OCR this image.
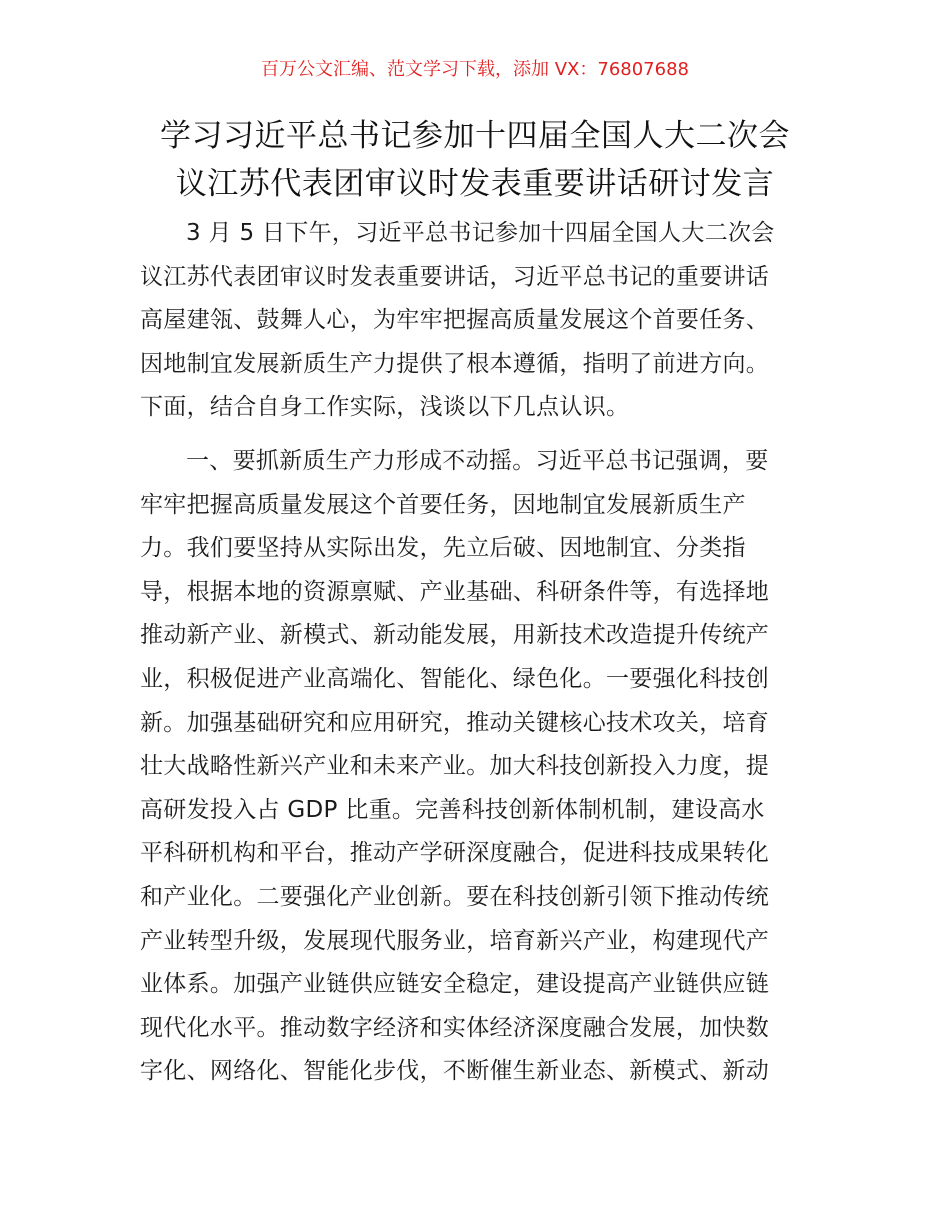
百万公文汇编、范文学习下载，添加 VX：76807688
学习习近平总书记参加十四届全国人大二次会
议江苏代表团审议时发表重要讲话研讨发言
3 月 5 日下午，习近平总书记参加十四届全国人大二次会
议江苏代表团审议时发表重要讲话，习近平总书记的重要讲话
高屋建瓴、鼓舞人心，为牢牢把握高质量发展这个首要任务、
因地制宜发展新质生产力提供了根本遵循，指明了前进方向。
下面，结合自身工作实际，浅谈以下几点认识。
一、要抓新质生产力形成不动摇。习近平总书记强调，要
牢牢把握高质量发展这个首要任务，因地制宜发展新质生产
力。我们要坚持从实际出发，先立后破、因地制宜、分类指
导，根据本地的资源禀赋、产业基础、科研条件等，有选择地
推动新产业、新模式、新动能发展，用新技术改造提升传统产
业，积极促进产业高端化、智能化、绿色化。一要强化科技创
新。加强基础研究和应用研究，推动关键核心技术攻关，培育
壮大战略性新兴产业和未来产业。加大科技创新投入力度，提
高研发投入占 GDP 比重。完善科技创新体制机制，建设高水
平科研机构和平台，推动产学研深度融合，促进科技成果转化
和产业化。二要强化产业创新。要在科技创新引领下推动传统
产业转型升级，发展现代服务业，培育新兴产业，构建现代产
业体系。加强产业链供应链安全稳定，建设提高产业链供应链
现代化水平。推动数字经济和实体经济深度融合发展，加快数
字化、网络化、智能化步伐，不断催生新业态、新模式、新动
